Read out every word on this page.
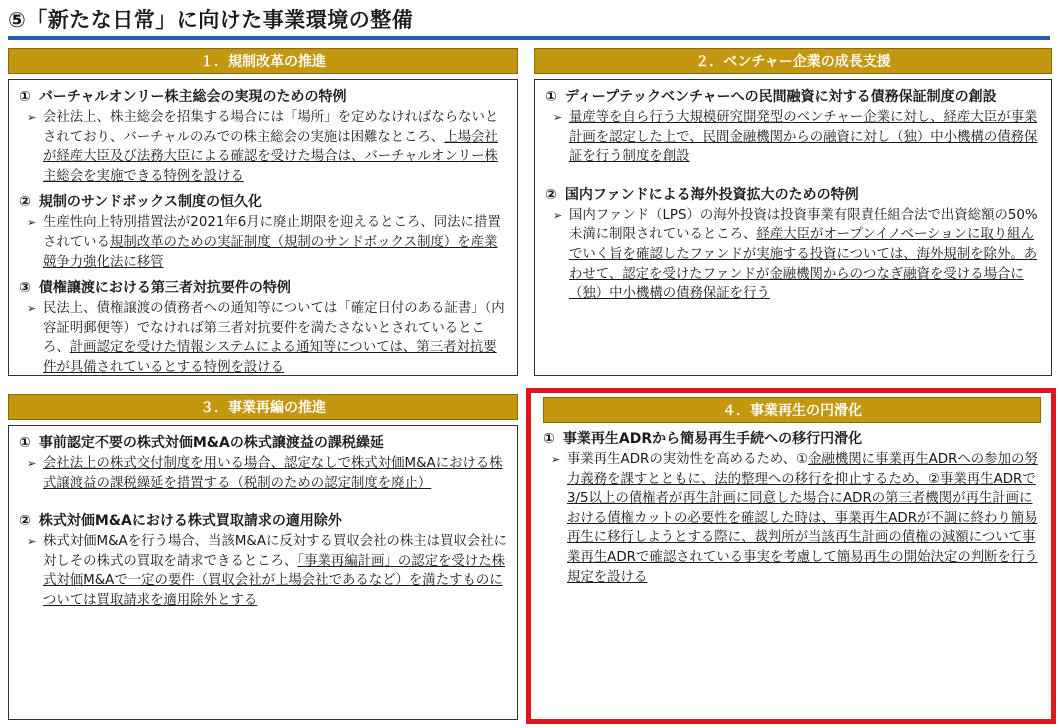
⑤「新たな日常」に向けた事業環境の整備
１．規制改革の推進
① バーチャルオンリー株主総会の実現のための特例
➢ 会社法上、株主総会を招集する場合には「場所」を定めなければならないとされており、バーチャルのみでの株主総会の実施は困難なところ、上場会社が経産大臣及び法務大臣による確認を受けた場合は、バーチャルオンリー株主総会を実施できる特例を設ける
② 規制のサンドボックス制度の恒久化
➢ 生産性向上特別措置法が2021年6月に廃止期限を迎えるところ、同法に措置されている規制改革のための実証制度（規制のサンドボックス制度）を産業競争力強化法に移管
③ 債権譲渡における第三者対抗要件の特例
➢ 民法上、債権譲渡の債務者への通知等については「確定日付のある証書」（内容証明郵便等）でなければ第三者対抗要件を満たさないとされているところ、計画認定を受けた情報システムによる通知等については、第三者対抗要件が具備されているとする特例を設ける
２．ベンチャー企業の成長支援
① ディープテックベンチャーへの民間融資に対する債務保証制度の創設
➢ 量産等を自ら行う大規模研究開発型のベンチャー企業に対し、経産大臣が事業計画を認定した上で、民間金融機関からの融資に対し（独）中小機構の債務保証を行う制度を創設
② 国内ファンドによる海外投資拡大のための特例
➢ 国内ファンド（LPS）の海外投資は投資事業有限責任組合法で出資総額の50%未満に制限されているところ、経産大臣がオープンイノベーションに取り組んでいく旨を確認したファンドが実施する投資については、海外規制を除外。あわせて、認定を受けたファンドが金融機関からのつなぎ融資を受ける場合に（独）中小機構の債務保証を行う
３．事業再編の推進
① 事前認定不要の株式対価M&Aの株式譲渡益の課税繰延
➢ 会社法上の株式交付制度を用いる場合、認定なしで株式対価M&Aにおける株式譲渡益の課税繰延を措置する（税制のための認定制度を廃止）
② 株式対価M&Aにおける株式買取請求の適用除外
➢ 株式対価M&Aを行う場合、当該M&Aに反対する買収会社の株主は買収会社に対しその株式の買取を請求できるところ、「事業再編計画」の認定を受けた株式対価M&Aで一定の要件（買収会社が上場会社であるなど）を満たすものについては買取請求を適用除外とする
４．事業再生の円滑化
① 事業再生ADRから簡易再生手続への移行円滑化
➢ 事業再生ADRの実効性を高めるため、①金融機関に事業再生ADRへの参加の努力義務を課すとともに、法的整理への移行を抑止するため、②事業再生ADRで3/5以上の債権者が再生計画に同意した場合にADRの第三者機関が再生計画における債権カットの必要性を確認した時は、事業再生ADRが不調に終わり簡易再生に移行しようとする際に、裁判所が当該再生計画の債権の減額について事業再生ADRで確認されている事実を考慮して簡易再生の開始決定の判断を行う規定を設ける
